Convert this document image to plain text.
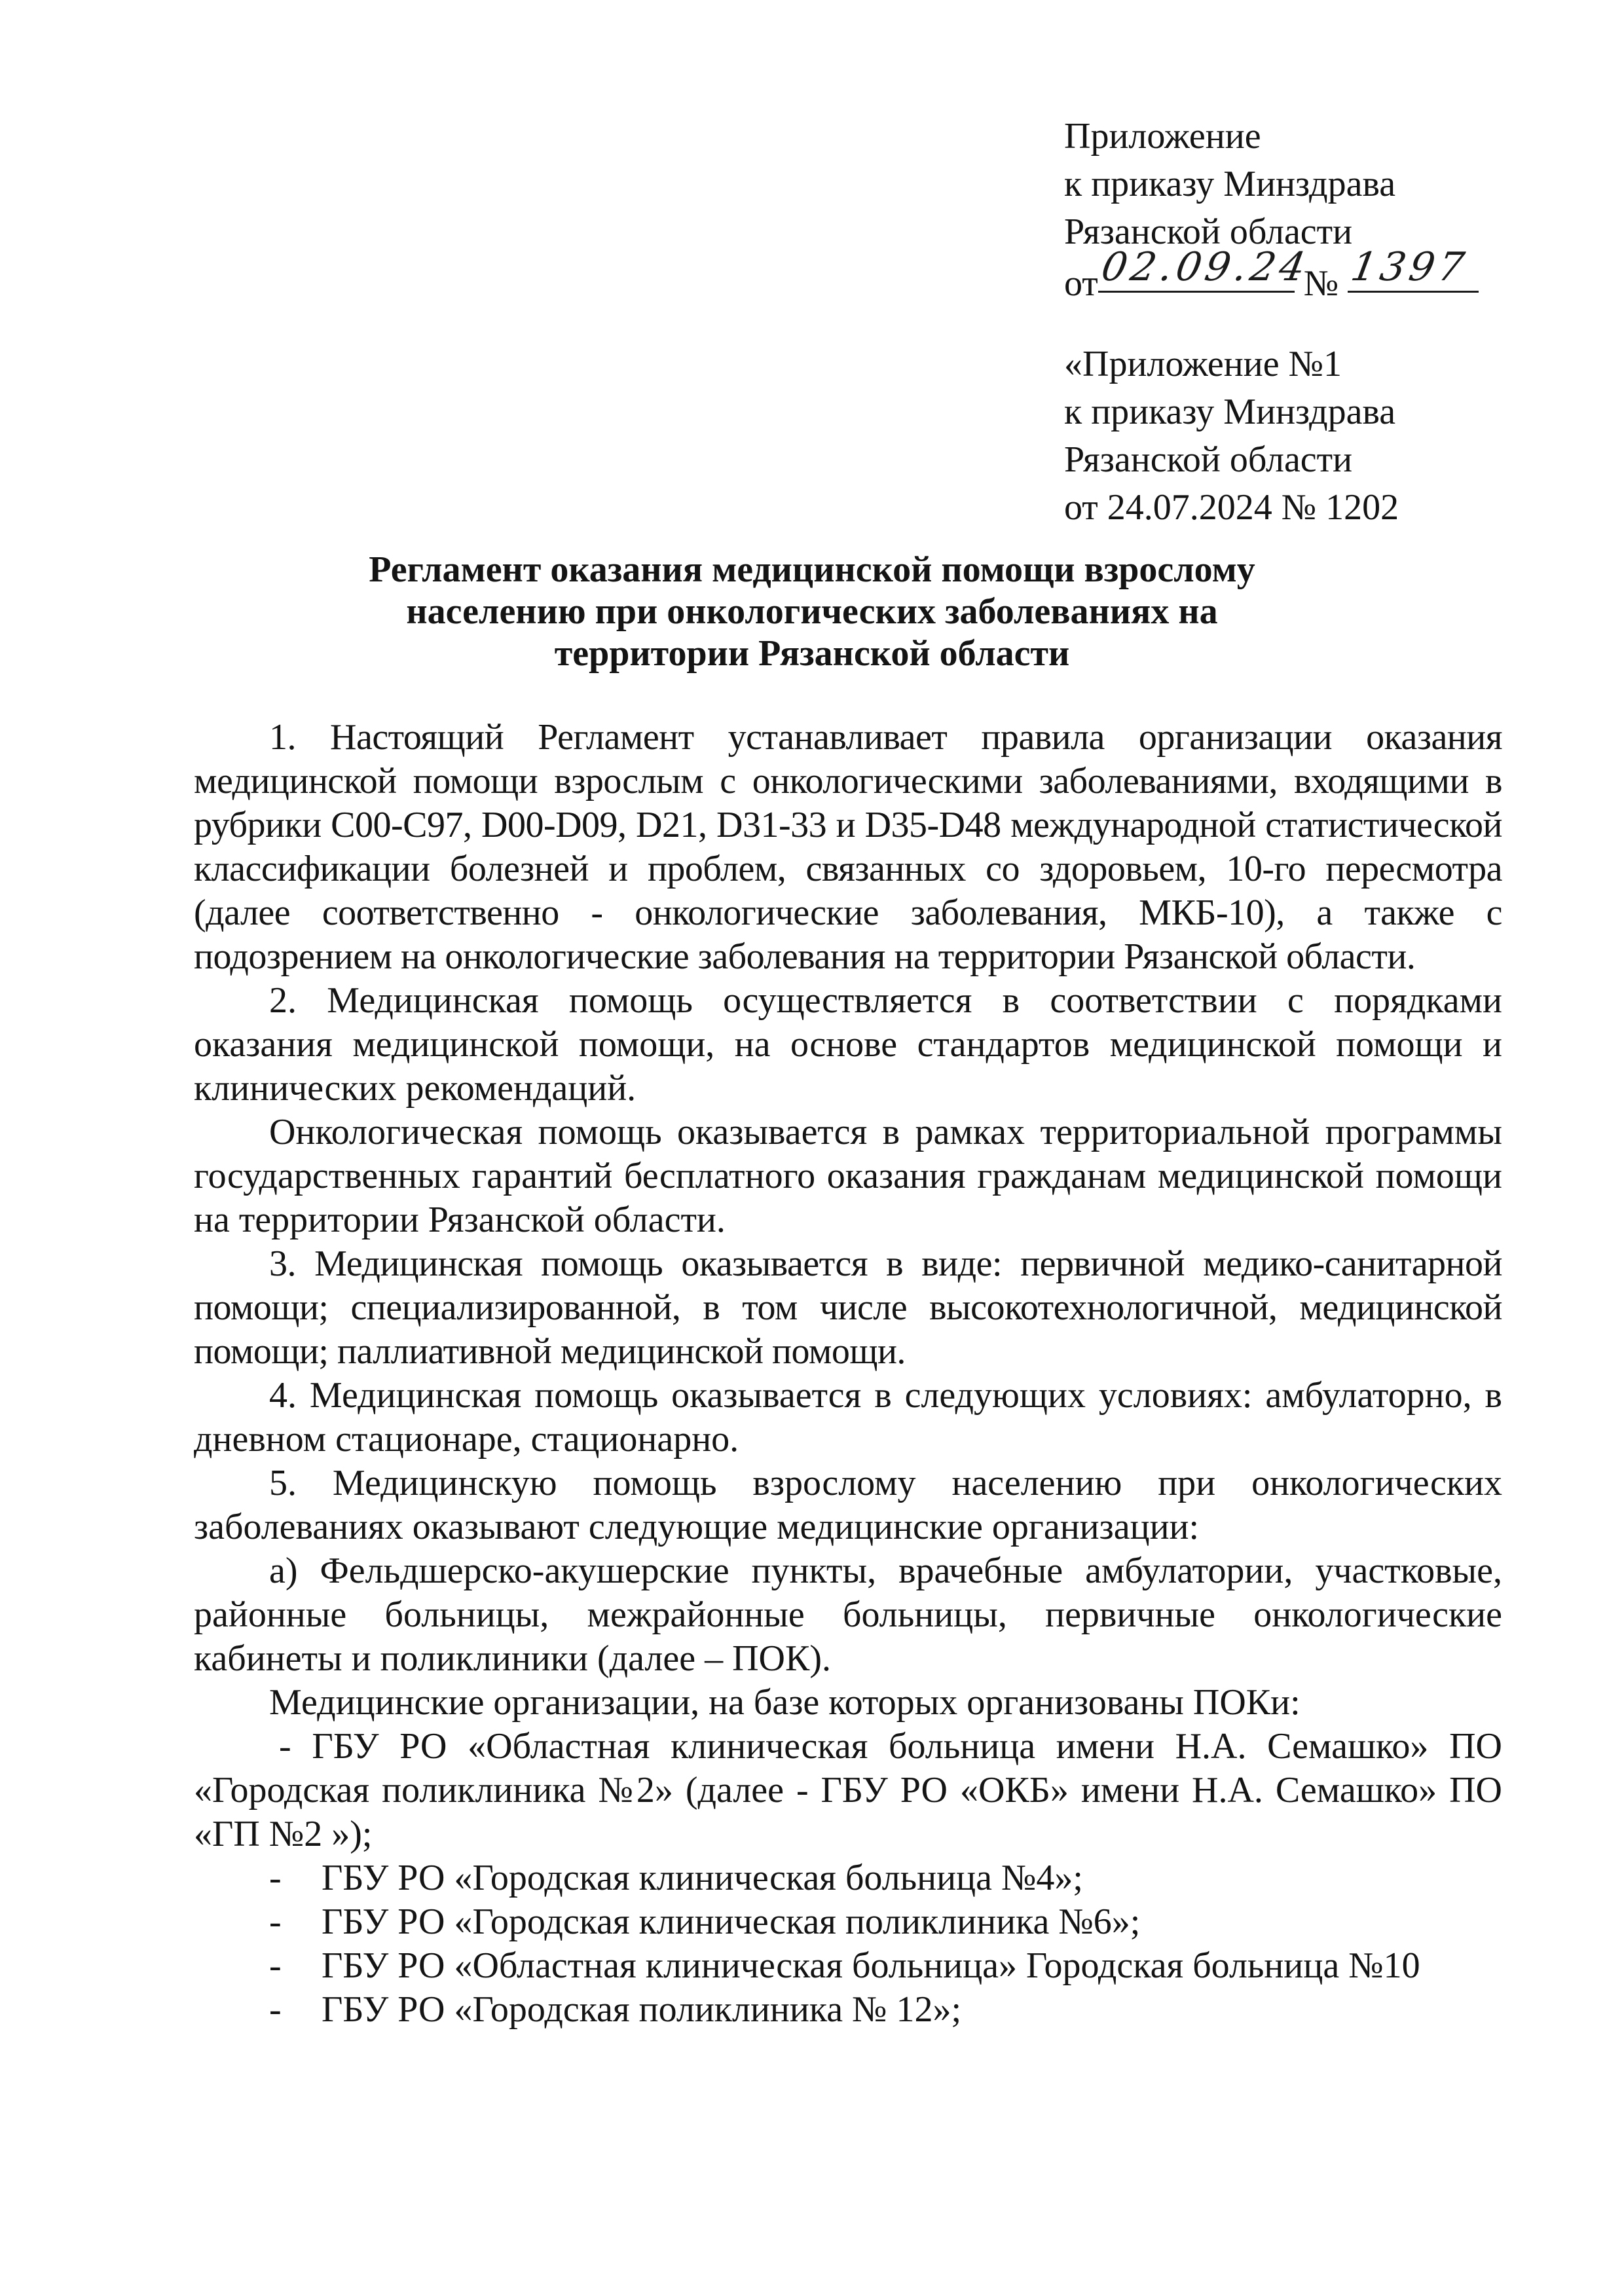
Приложение
к приказу Минздрава
Рязанской области
от 02.09.24
№ 1397
«Приложение №1
к приказу Минздрава
Рязанской области
от 24.07.2024 № 1202
Регламент оказания медицинской помощи взрослому
населению при онкологических заболеваниях на
территории Рязанской области

1. Настоящий Регламент устанавливает правила организации оказания медицинской помощи взрослым с онкологическими заболеваниями, входящими в рубрики C00-C97, D00-D09, D21, D31-33 и D35-D48 международной статистической классификации болезней и проблем, связанных со здоровьем, 10-го пересмотра (далее соответственно - онкологические заболевания, МКБ-10), а также с подозрением на онкологические заболевания на территории Рязанской области.

2. Медицинская помощь осуществляется в соответствии с порядками оказания медицинской помощи, на основе стандартов медицинской помощи и клинических рекомендаций.

Онкологическая помощь оказывается в рамках территориальной программы государственных гарантий бесплатного оказания гражданам медицинской помощи на территории Рязанской области.

3. Медицинская помощь оказывается в виде: первичной медико-санитарной помощи; специализированной, в том числе высокотехнологичной, медицинской помощи; паллиативной медицинской помощи.

4. Медицинская помощь оказывается в следующих условиях: амбулаторно, в дневном стационаре, стационарно.

5. Медицинскую помощь взрослому населению при онкологических заболеваниях оказывают следующие медицинские организации:

а) Фельдшерско-акушерские пункты, врачебные амбулатории, участковые, районные больницы, межрайонные больницы, первичные онкологические кабинеты и поликлиники (далее – ПОК).

Медицинские организации, на базе которых организованы ПОКи:

- ГБУ РО «Областная клиническая больница имени Н.А. Семашко» ПО «Городская поликлиника №2» (далее - ГБУ РО «ОКБ» имени Н.А. Семашко» ПО «ГП №2 »);

-	ГБУ РО «Городская клиническая больница №4»;
-	ГБУ РО «Городская клиническая поликлиника №6»;
-	ГБУ РО «Областная клиническая больница» Городская больница №10
-	ГБУ РО «Городская поликлиника № 12»;
